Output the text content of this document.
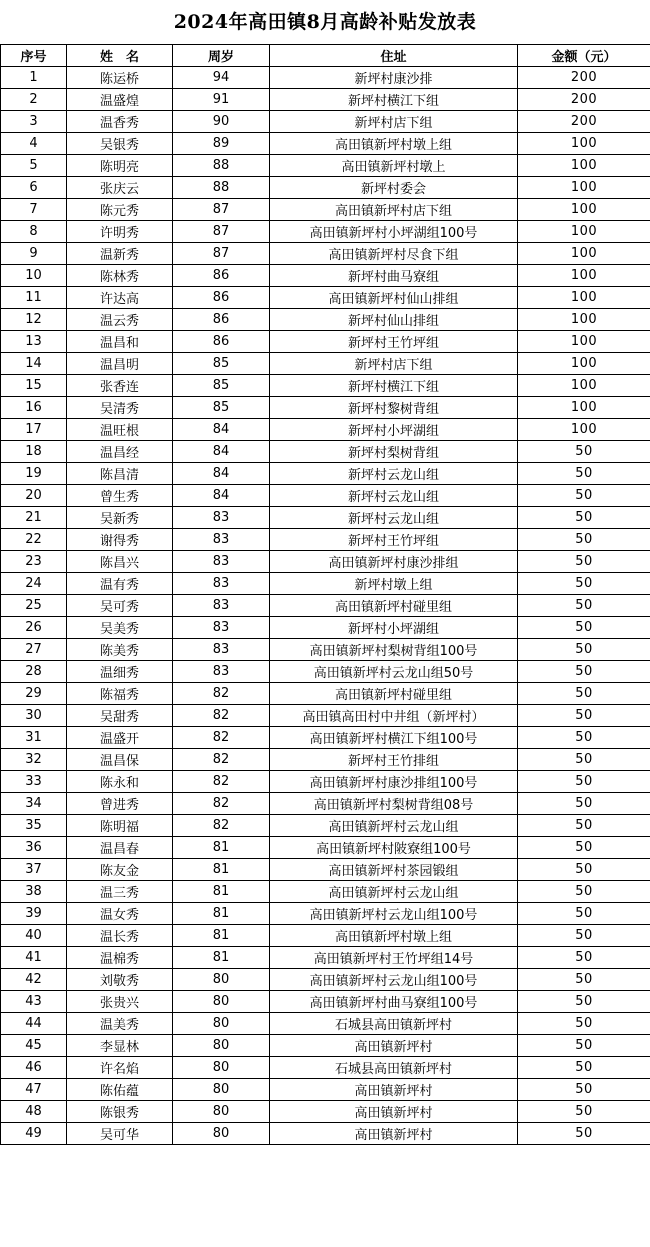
2024年高田镇8月高龄补贴发放表
序号	姓　名	周岁	住址	金额（元）
1	陈运桥	94	新坪村康沙排	200
2	温盛煌	91	新坪村横江下组	200
3	温香秀	90	新坪村店下组	200
4	吴银秀	89	高田镇新坪村墩上组	100
5	陈明亮	88	高田镇新坪村墩上	100
6	张庆云	88	新坪村委会	100
7	陈元秀	87	高田镇新坪村店下组	100
8	许明秀	87	高田镇新坪村小坪湖组100号	100
9	温新秀	87	高田镇新坪村尽食下组	100
10	陈林秀	86	新坪村曲马寮组	100
11	许达高	86	高田镇新坪村仙山排组	100
12	温云秀	86	新坪村仙山排组	100
13	温昌和	86	新坪村王竹坪组	100
14	温昌明	85	新坪村店下组	100
15	张香连	85	新坪村横江下组	100
16	吴清秀	85	新坪村黎树背组	100
17	温旺根	84	新坪村小坪湖组	100
18	温昌经	84	新坪村梨树背组	50
19	陈昌清	84	新坪村云龙山组	50
20	曾生秀	84	新坪村云龙山组	50
21	吴新秀	83	新坪村云龙山组	50
22	谢得秀	83	新坪村王竹坪组	50
23	陈昌兴	83	高田镇新坪村康沙排组	50
24	温有秀	83	新坪村墩上组	50
25	吴可秀	83	高田镇新坪村碰里组	50
26	吴美秀	83	新坪村小坪湖组	50
27	陈美秀	83	高田镇新坪村梨树背组100号	50
28	温细秀	83	高田镇新坪村云龙山组50号	50
29	陈福秀	82	高田镇新坪村碰里组	50
30	吴甜秀	82	高田镇高田村中井组（新坪村）	50
31	温盛开	82	高田镇新坪村横江下组100号	50
32	温昌保	82	新坪村王竹排组	50
33	陈永和	82	高田镇新坪村康沙排组100号	50
34	曾进秀	82	高田镇新坪村梨树背组08号	50
35	陈明福	82	高田镇新坪村云龙山组	50
36	温昌春	81	高田镇新坪村陂寮组100号	50
37	陈友金	81	高田镇新坪村茶园锻组	50
38	温三秀	81	高田镇新坪村云龙山组	50
39	温女秀	81	高田镇新坪村云龙山组100号	50
40	温长秀	81	高田镇新坪村墩上组	50
41	温棉秀	81	高田镇新坪村王竹坪组14号	50
42	刘敬秀	80	高田镇新坪村云龙山组100号	50
43	张贵兴	80	高田镇新坪村曲马寮组100号	50
44	温美秀	80	石城县高田镇新坪村	50
45	李显林	80	高田镇新坪村	50
46	许名焰	80	石城县高田镇新坪村	50
47	陈佑蕴	80	高田镇新坪村	50
48	陈银秀	80	高田镇新坪村	50
49	吴可华	80	高田镇新坪村	50
